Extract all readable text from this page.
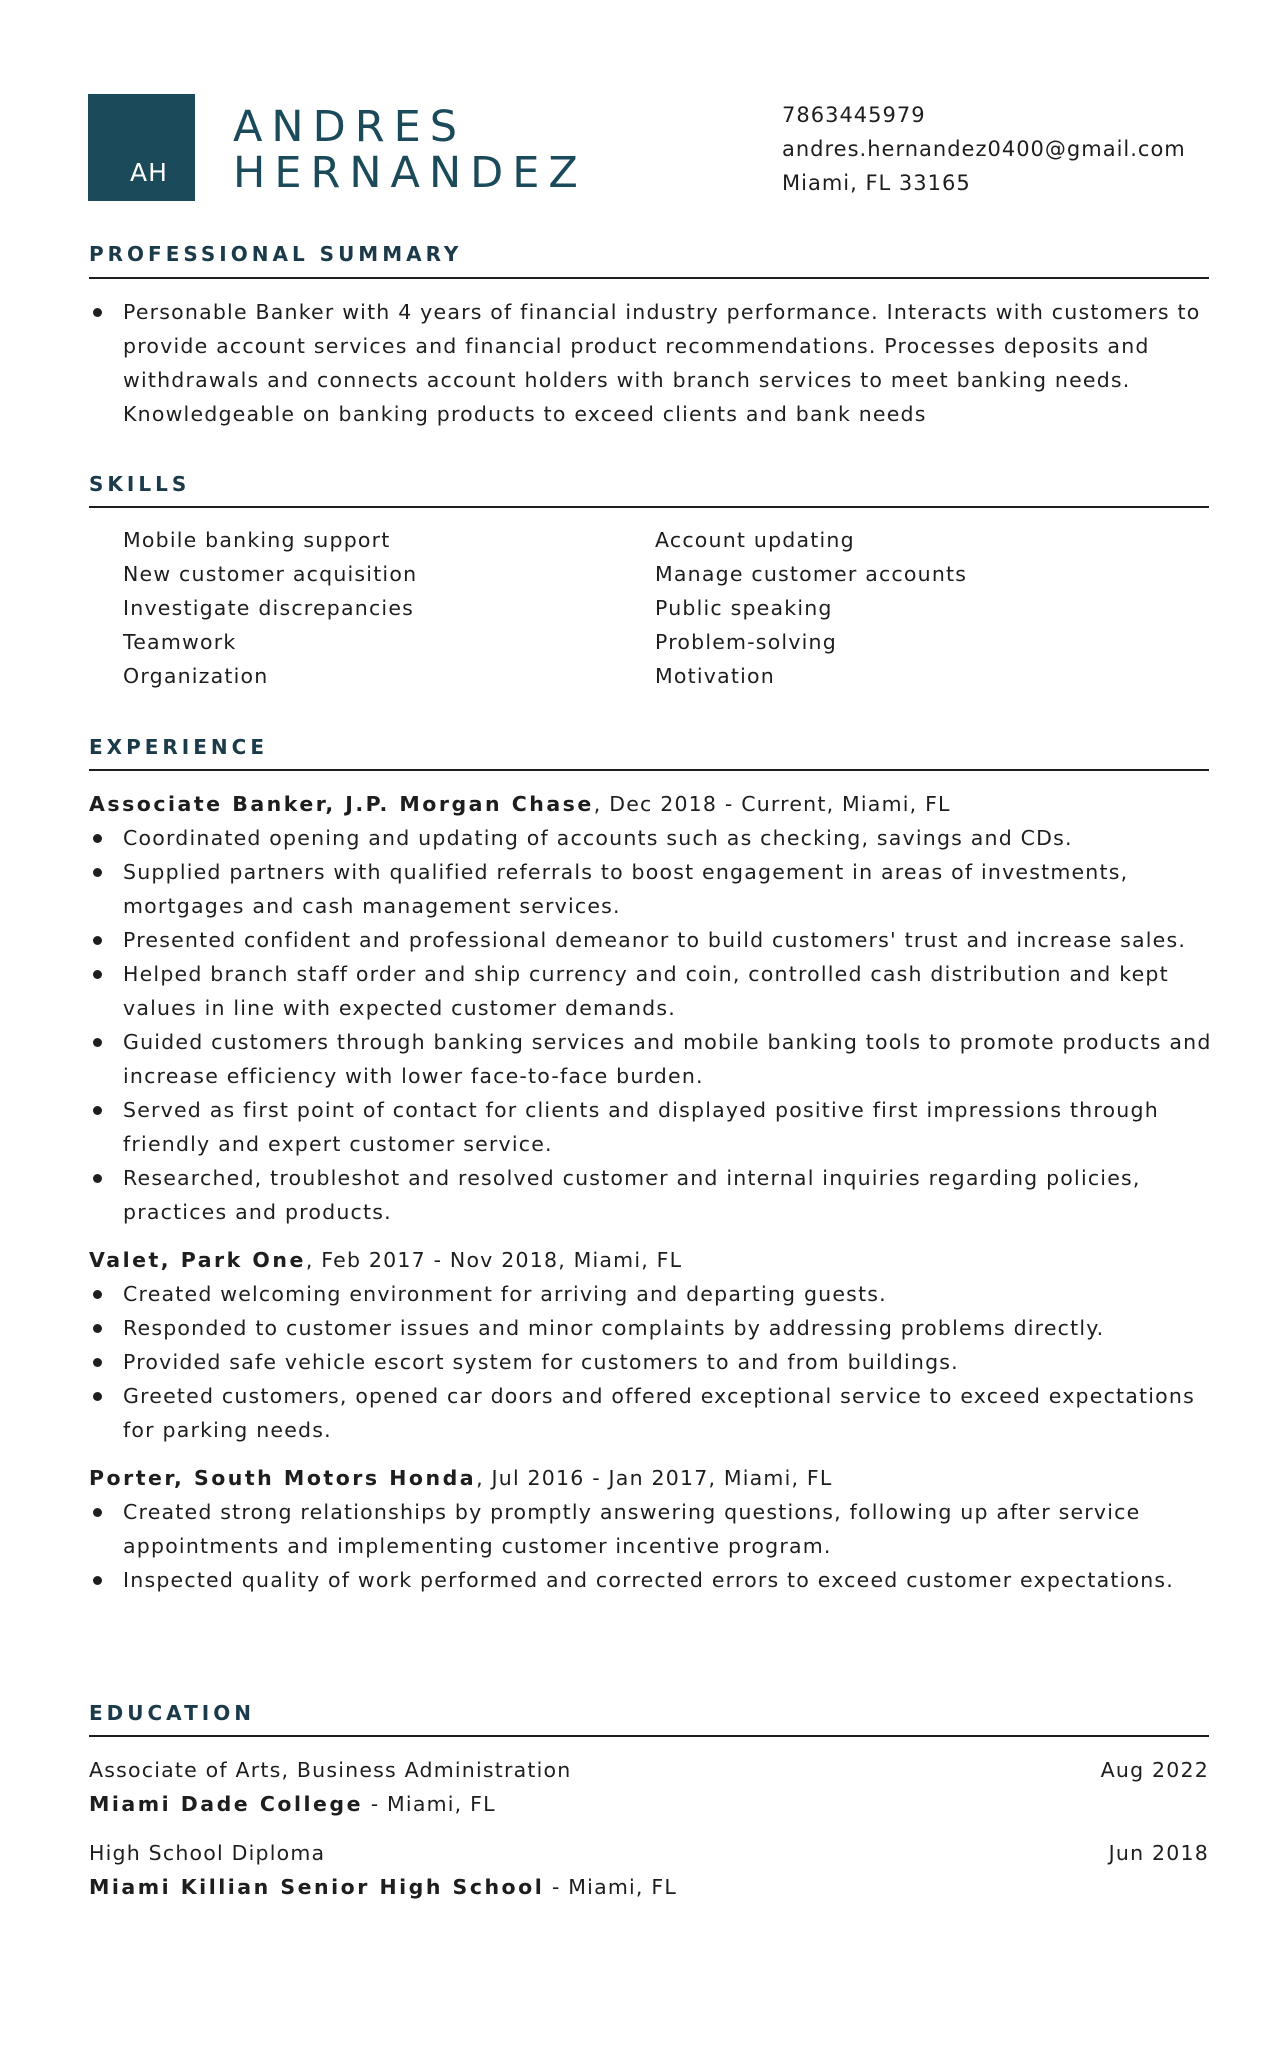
AH
ANDRES
HERNANDEZ
7863445979
andres.hernandez0400@gmail.com
Miami, FL 33165
PROFESSIONAL SUMMARY
Personable Banker with 4 years of financial industry performance. Interacts with customers to provide account services and financial product recommendations. Processes deposits and withdrawals and connects account holders with branch services to meet banking needs. Knowledgeable on banking products to exceed clients and bank needs
SKILLS
Mobile banking support
New customer acquisition
Investigate discrepancies
Teamwork
Organization
Account updating
Manage customer accounts
Public speaking
Problem-solving
Motivation
EXPERIENCE
Associate Banker, J.P. Morgan Chase, Dec 2018 - Current, Miami, FL
Coordinated opening and updating of accounts such as checking, savings and CDs.
Supplied partners with qualified referrals to boost engagement in areas of investments, mortgages and cash management services.
Presented confident and professional demeanor to build customers' trust and increase sales.
Helped branch staff order and ship currency and coin, controlled cash distribution and kept values in line with expected customer demands.
Guided customers through banking services and mobile banking tools to promote products and increase efficiency with lower face-to-face burden.
Served as first point of contact for clients and displayed positive first impressions through friendly and expert customer service.
Researched, troubleshot and resolved customer and internal inquiries regarding policies, practices and products.
Valet, Park One, Feb 2017 - Nov 2018, Miami, FL
Created welcoming environment for arriving and departing guests.
Responded to customer issues and minor complaints by addressing problems directly.
Provided safe vehicle escort system for customers to and from buildings.
Greeted customers, opened car doors and offered exceptional service to exceed expectations for parking needs.
Porter, South Motors Honda, Jul 2016 - Jan 2017, Miami, FL
Created strong relationships by promptly answering questions, following up after service appointments and implementing customer incentive program.
Inspected quality of work performed and corrected errors to exceed customer expectations.
EDUCATION
Associate of Arts, Business Administration	Aug 2022
Miami Dade College - Miami, FL
High School Diploma	Jun 2018
Miami Killian Senior High School - Miami, FL
